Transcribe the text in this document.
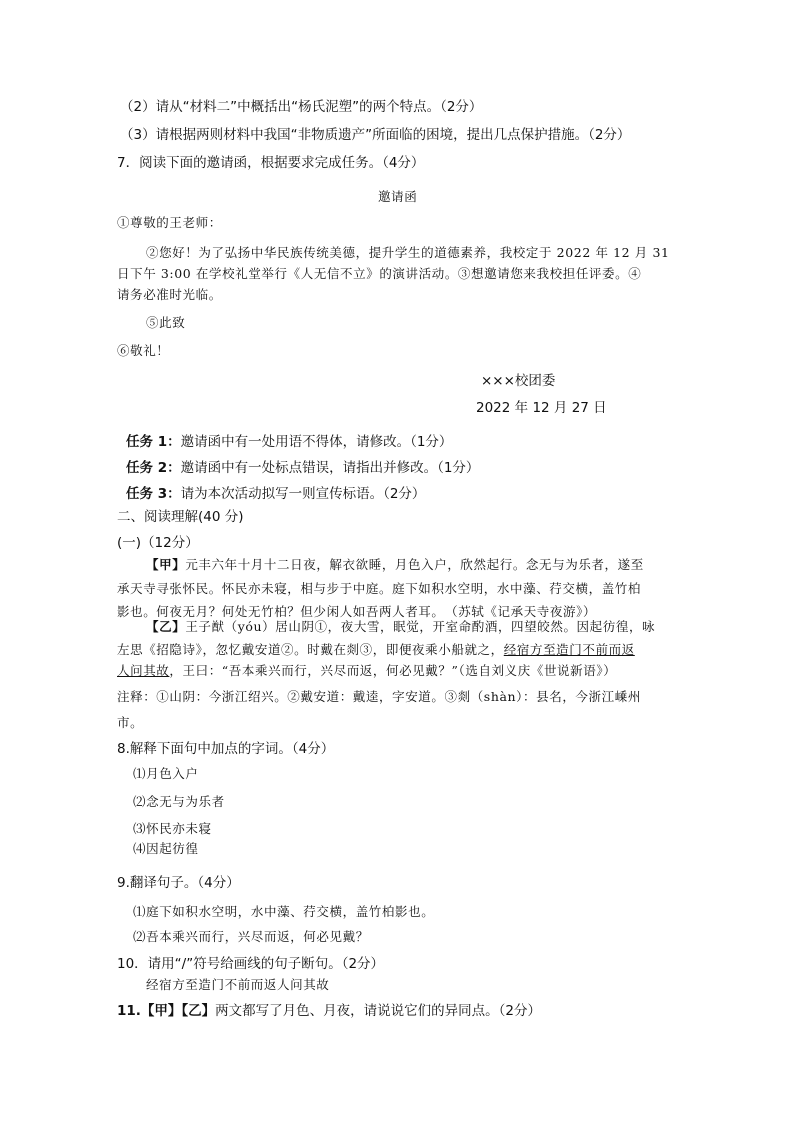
（2）请从“材料二”中概括出“杨氏泥塑”的两个特点。（2分）
（3）请根据两则材料中我国“非物质遗产”所面临的困境，提出几点保护措施。（2分）
7．阅读下面的邀请函，根据要求完成任务。（4分）
邀请函
①尊敬的王老师：
②您好！为了弘扬中华民族传统美德，提升学生的道德素养，我校定于 2022 年 12 月 31
日下午 3:00 在学校礼堂举行《人无信不立》的演讲活动。③想邀请您来我校担任评委。④
请务必准时光临。
⑤此致
⑥敬礼！
×××校团委
2022 年 12 月 27 日
任务 1：邀请函中有一处用语不得体，请修改。（1分）
任务 2：邀请函中有一处标点错误，请指出并修改。（1分）
任务 3：请为本次活动拟写一则宣传标语。（2分）
二、阅读理解(40 分)
(一)（12分）
【甲】元丰六年十月十二日夜，解衣欲睡，月色入户，欣然起行。念无与为乐者，遂至
承天寺寻张怀民。怀民亦未寝，相与步于中庭。庭下如积水空明，水中藻、荇交横，盖竹柏
影也。何夜无月？何处无竹柏？但少闲人如吾两人者耳。　（苏轼《记承天寺夜游》）
【乙】王子猷（yóu）居山阴①，夜大雪，眠觉，开室命酌酒，四望皎然。因起彷徨，咏
左思《招隐诗》，忽忆戴安道②。时戴在剡③，即便夜乘小船就之，经宿方至造门不前而返
人问其故，王曰：“吾本乘兴而行，兴尽而返，何必见戴？”（选自刘义庆《世说新语》）
注释：①山阴：今浙江绍兴。②戴安道：戴逵，字安道。③剡（shàn）：县名，今浙江嵊州
市。
8.解释下面句中加点的字词。（4分）
⑴月色入户
⑵念无与为乐者
⑶怀民亦未寝
⑷因起彷徨
9.翻译句子。（4分）
⑴庭下如积水空明，水中藻、荇交横，盖竹柏影也。
⑵吾本乘兴而行，兴尽而返，何必见戴？
10．请用“/”符号给画线的句子断句。（2分）
经宿方至造门不前而返人问其故
11.【甲】【乙】两文都写了月色、月夜，请说说它们的异同点。（2分）
